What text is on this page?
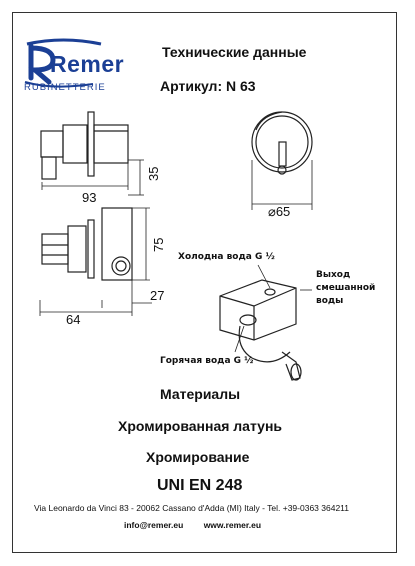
Remer
RUBINETTERIE
Технические данные
Артикул: N 63
93
35
⌀65
75
27
64
Холодна вода G ½
Выход
смешанной
воды
Горячая вода G ½
Материалы
Хромированная латунь
Хромирование
UNI EN 248
Via Leonardo da Vinci 83 - 20062 Cassano d'Adda (MI) Italy - Tel. +39-0363 364211
info@remer.eu www.remer.eu
